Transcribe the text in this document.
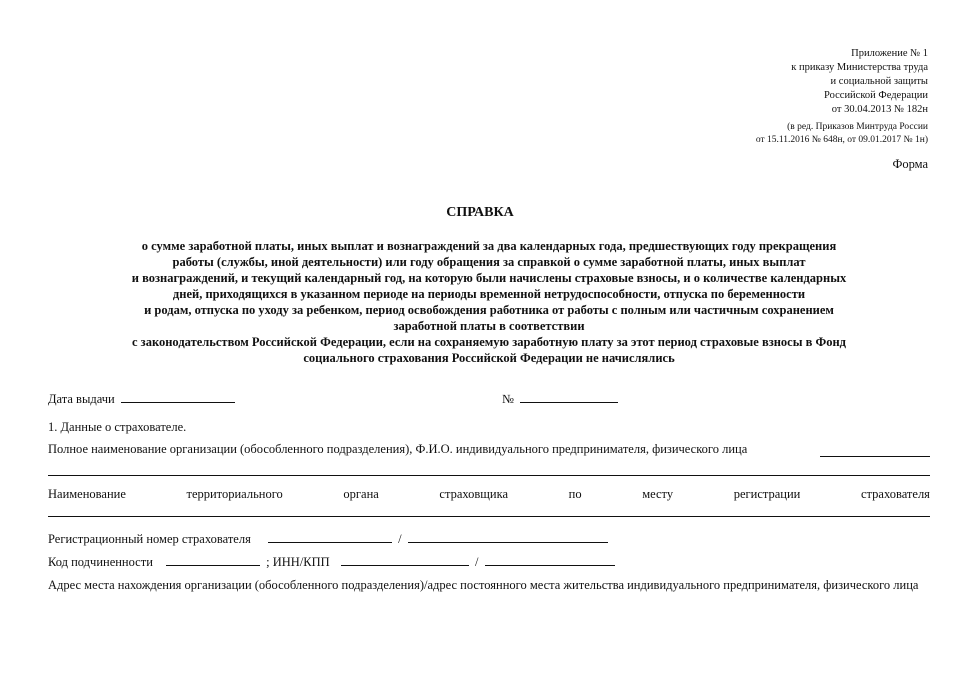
Приложение № 1
к приказу Министерства труда
и социальной защиты
Российской Федерации
от 30.04.2013 № 182н
(в ред. Приказов Минтруда России
от 15.11.2016 № 648н, от 09.01.2017 № 1н)
Форма
СПРАВКА
о сумме заработной платы, иных выплат и вознаграждений за два календарных года, предшествующих году прекращения
работы (службы, иной деятельности) или году обращения за справкой о сумме заработной платы, иных выплат
и вознаграждений, и текущий календарный год, на которую были начислены страховые взносы, и о количестве календарных
дней, приходящихся в указанном периоде на периоды временной нетрудоспособности, отпуска по беременности
и родам, отпуска по уходу за ребенком, период освобождения работника от работы с полным или частичным сохранением
заработной платы в соответствии
с законодательством Российской Федерации, если на сохраняемую заработную плату за этот период страховые взносы в Фонд
социального страхования Российской Федерации не начислялись
Дата выдачи	№
1. Данные о страхователе.
Полное наименование организации (обособленного подразделения), Ф.И.О. индивидуального предпринимателя, физического лица
Наименование	территориального	органа	страховщика	по	месту	регистрации	страхователя
Регистрационный номер страхователя	/
Код подчиненности	; ИНН/КПП	/
Адрес места нахождения организации (обособленного подразделения)/адрес постоянного места жительства индивидуального предпринимателя, физического лица
